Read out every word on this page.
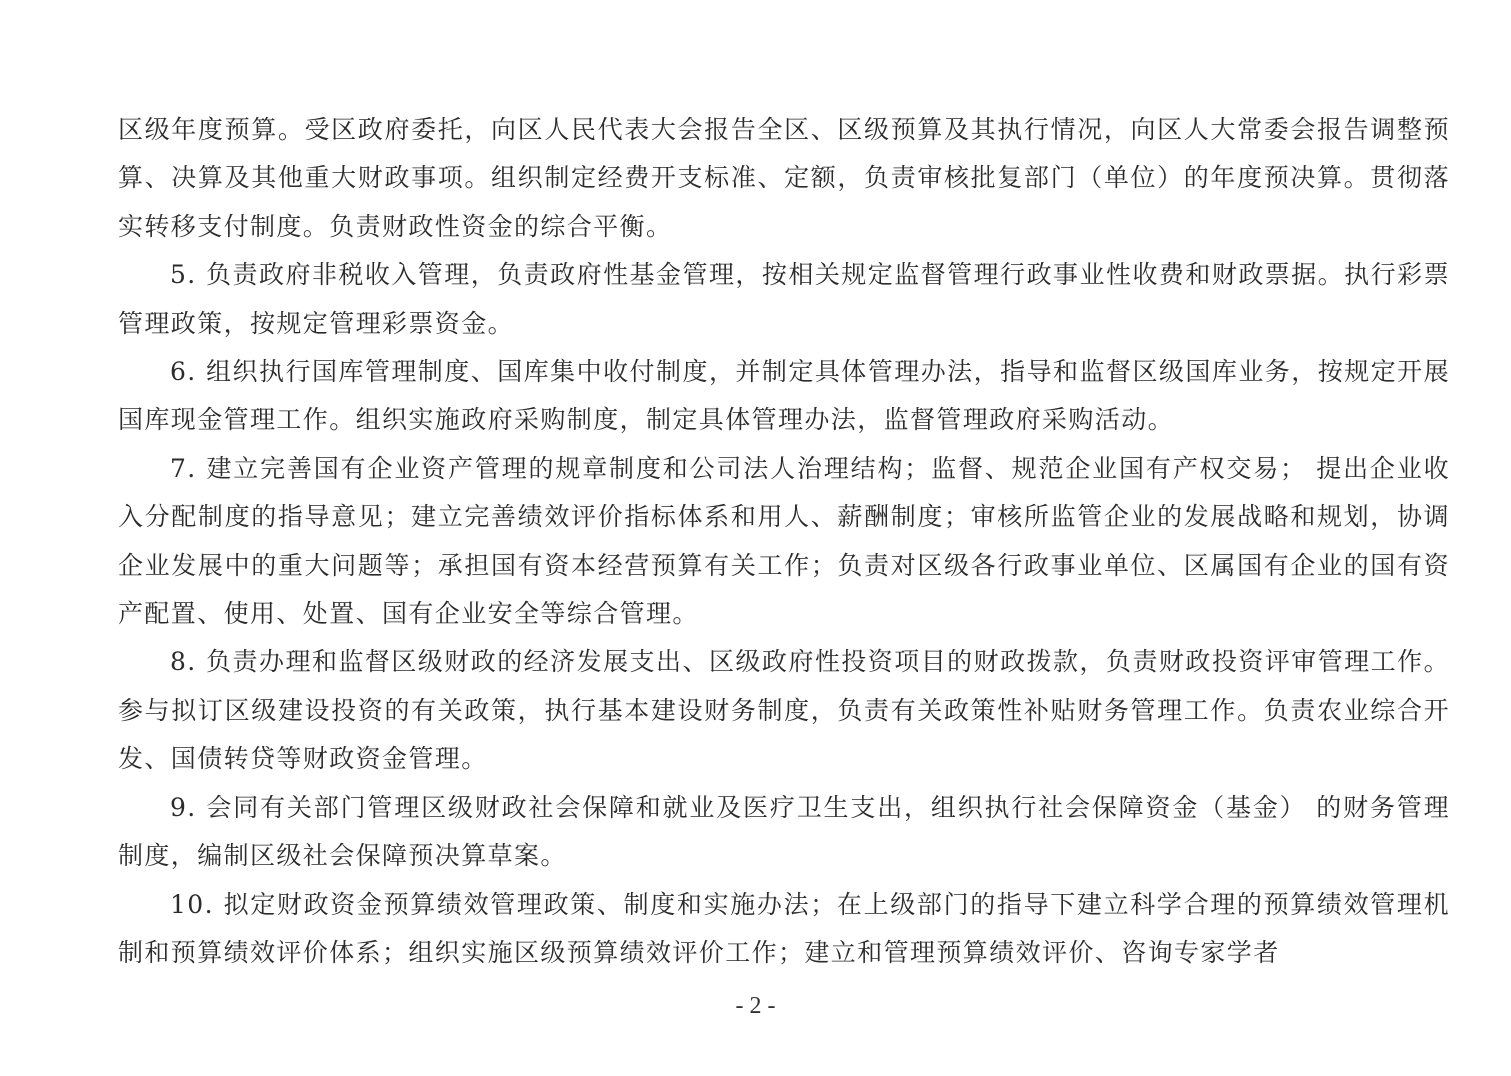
区级年度预算。受区政府委托，向区人民代表大会报告全区、区级预算及其执行情况，向区人大常委会报告调整预算、决算及其他重大财政事项。组织制定经费开支标准、定额，负责审核批复部门（单位）的年度预决算。贯彻落实转移支付制度。负责财政性资金的综合平衡。

5. 负责政府非税收入管理，负责政府性基金管理，按相关规定监督管理行政事业性收费和财政票据。执行彩票管理政策，按规定管理彩票资金。

6. 组织执行国库管理制度、国库集中收付制度，并制定具体管理办法，指导和监督区级国库业务，按规定开展国库现金管理工作。组织实施政府采购制度，制定具体管理办法，监督管理政府采购活动。

7. 建立完善国有企业资产管理的规章制度和公司法人治理结构；监督、规范企业国有产权交易； 提出企业收入分配制度的指导意见；建立完善绩效评价指标体系和用人、薪酬制度；审核所监管企业的发展战略和规划，协调企业发展中的重大问题等；承担国有资本经营预算有关工作；负责对区级各行政事业单位、区属国有企业的国有资产配置、使用、处置、国有企业安全等综合管理。

8. 负责办理和监督区级财政的经济发展支出、区级政府性投资项目的财政拨款，负责财政投资评审管理工作。参与拟订区级建设投资的有关政策，执行基本建设财务制度，负责有关政策性补贴财务管理工作。负责农业综合开发、国债转贷等财政资金管理。

9. 会同有关部门管理区级财政社会保障和就业及医疗卫生支出，组织执行社会保障资金（基金） 的财务管理制度，编制区级社会保障预决算草案。

10. 拟定财政资金预算绩效管理政策、制度和实施办法；在上级部门的指导下建立科学合理的预算绩效管理机制和预算绩效评价体系；组织实施区级预算绩效评价工作；建立和管理预算绩效评价、咨询专家学者

- 2 -
